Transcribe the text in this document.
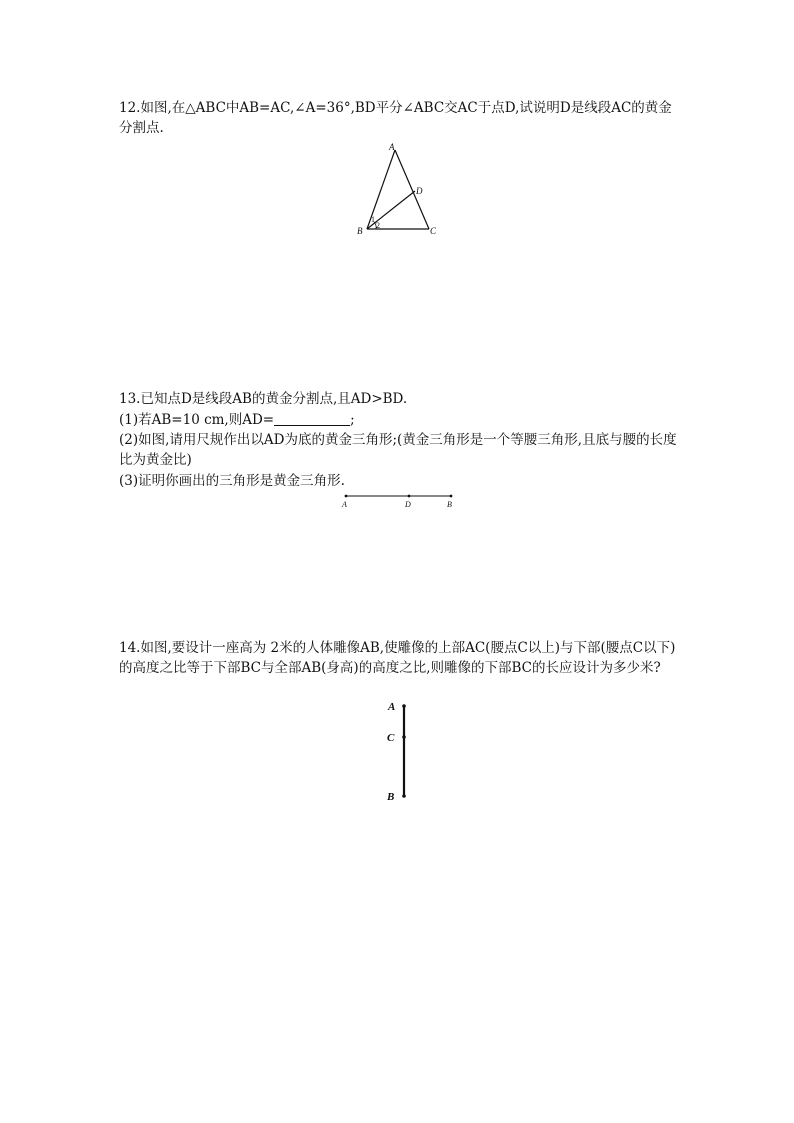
12.如图,在△ABC中AB=AC,∠A=36°,BD平分∠ABC交AC于点D,试说明D是线段AC的黄金分割点.

A
B	C
D
1
2

13.已知点D是线段AB的黄金分割点,且AD>BD.

(1)若AB=10 cm,则AD=	;

(2)如图,请用尺规作出以AD为底的黄金三角形;(黄金三角形是一个等腰三角形,且底与腰的长度比为黄金比)

(3)证明你画出的三角形是黄金三角形.

A	D	B

14.如图,要设计一座高为 2米的人体雕像AB,使雕像的上部AC(腰点C以上)与下部(腰点C以下)的高度之比等于下部BC与全部AB(身高)的高度之比,则雕像的下部BC的长应设计为多少米?

A
C
B
